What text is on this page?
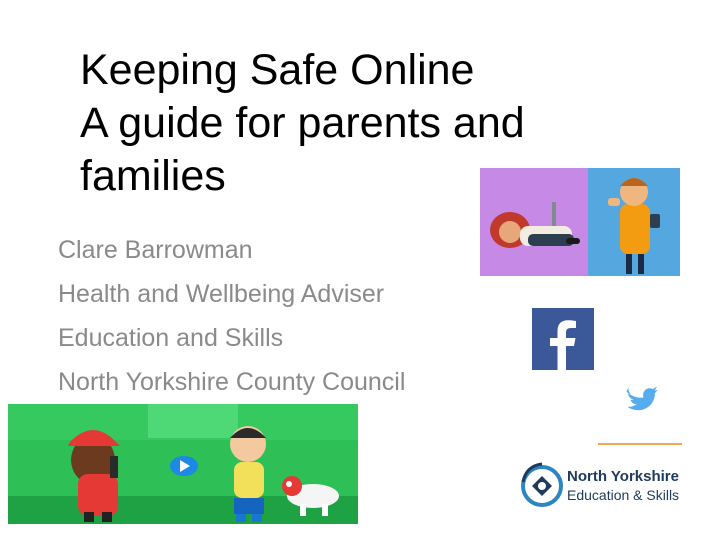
Keeping Safe Online
A guide for parents and
families
Clare Barrowman
Health and Wellbeing Adviser
Education and Skills
North Yorkshire County Council
North Yorkshire
Education & Skills
